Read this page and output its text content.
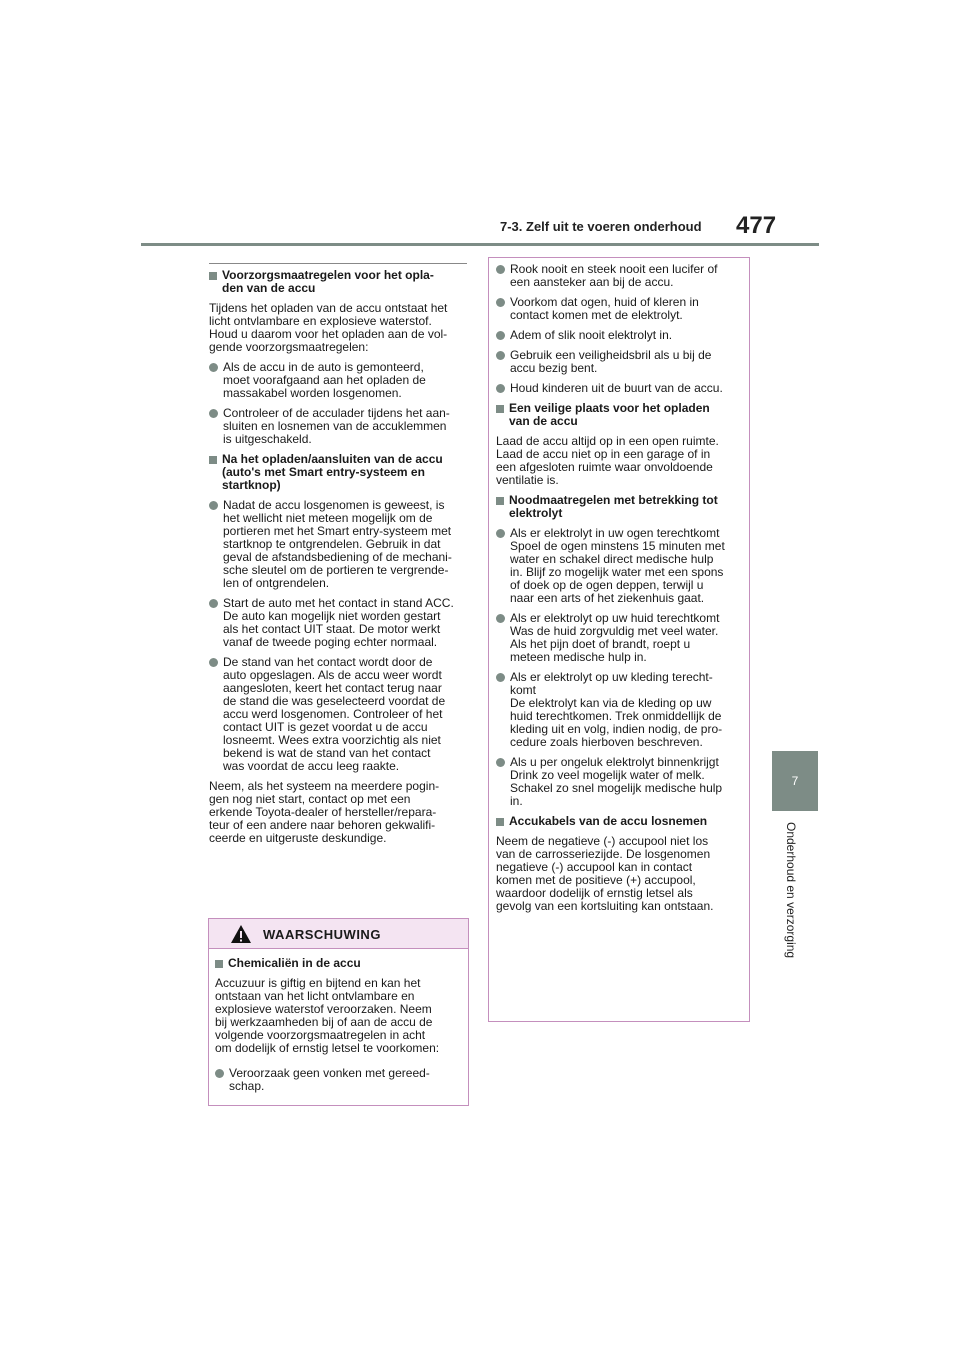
7-3. Zelf uit te voeren onderhoud 477
7
Onderhoud en verzorging
Voorzorgsmaatregelen voor het opla-
den van de accu
Tijdens het opladen van de accu ontstaat het
licht ontvlambare en explosieve waterstof.
Houd u daarom voor het opladen aan de vol-
gende voorzorgsmaatregelen:
Als de accu in de auto is gemonteerd,
moet voorafgaand aan het opladen de
massakabel worden losgenomen.
Controleer of de acculader tijdens het aan-
sluiten en losnemen van de accuklemmen
is uitgeschakeld.
Na het opladen/aansluiten van de accu
(auto's met Smart entry-systeem en
startknop)
Nadat de accu losgenomen is geweest, is
het wellicht niet meteen mogelijk om de
portieren met het Smart entry-systeem met
startknop te ontgrendelen. Gebruik in dat
geval de afstandsbediening of de mechani-
sche sleutel om de portieren te vergrende-
len of ontgrendelen.
Start de auto met het contact in stand ACC.
De auto kan mogelijk niet worden gestart
als het contact UIT staat. De motor werkt
vanaf de tweede poging echter normaal.
De stand van het contact wordt door de
auto opgeslagen. Als de accu weer wordt
aangesloten, keert het contact terug naar
de stand die was geselecteerd voordat de
accu werd losgenomen. Controleer of het
contact UIT is gezet voordat u de accu
losneemt. Wees extra voorzichtig als niet
bekend is wat de stand van het contact
was voordat de accu leeg raakte.
Neem, als het systeem na meerdere pogin-
gen nog niet start, contact op met een
erkende Toyota-dealer of hersteller/repara-
teur of een andere naar behoren gekwalifi-
ceerde en uitgeruste deskundige.
WAARSCHUWING
Chemicaliën in de accu
Accuzuur is giftig en bijtend en kan het
ontstaan van het licht ontvlambare en
explosieve waterstof veroorzaken. Neem
bij werkzaamheden bij of aan de accu de
volgende voorzorgsmaatregelen in acht
om dodelijk of ernstig letsel te voorkomen:
Veroorzaak geen vonken met gereed-
schap.
Rook nooit en steek nooit een lucifer of
een aansteker aan bij de accu.
Voorkom dat ogen, huid of kleren in
contact komen met de elektrolyt.
Adem of slik nooit elektrolyt in.
Gebruik een veiligheidsbril als u bij de
accu bezig bent.
Houd kinderen uit de buurt van de accu.
Een veilige plaats voor het opladen
van de accu
Laad de accu altijd op in een open ruimte.
Laad de accu niet op in een garage of in
een afgesloten ruimte waar onvoldoende
ventilatie is.
Noodmaatregelen met betrekking tot
elektrolyt
Als er elektrolyt in uw ogen terechtkomt
Spoel de ogen minstens 15 minuten met
water en schakel direct medische hulp
in. Blijf zo mogelijk water met een spons
of doek op de ogen deppen, terwijl u
naar een arts of het ziekenhuis gaat.
Als er elektrolyt op uw huid terechtkomt
Was de huid zorgvuldig met veel water.
Als het pijn doet of brandt, roept u
meteen medische hulp in.
Als er elektrolyt op uw kleding terecht-
komt
De elektrolyt kan via de kleding op uw
huid terechtkomen. Trek onmiddellijk de
kleding uit en volg, indien nodig, de pro-
cedure zoals hierboven beschreven.
Als u per ongeluk elektrolyt binnenkrijgt
Drink zo veel mogelijk water of melk.
Schakel zo snel mogelijk medische hulp
in.
Accukabels van de accu losnemen
Neem de negatieve (-) accupool niet los
van de carrosseriezijde. De losgenomen
negatieve (-) accupool kan in contact
komen met de positieve (+) accupool,
waardoor dodelijk of ernstig letsel als
gevolg van een kortsluiting kan ontstaan.
